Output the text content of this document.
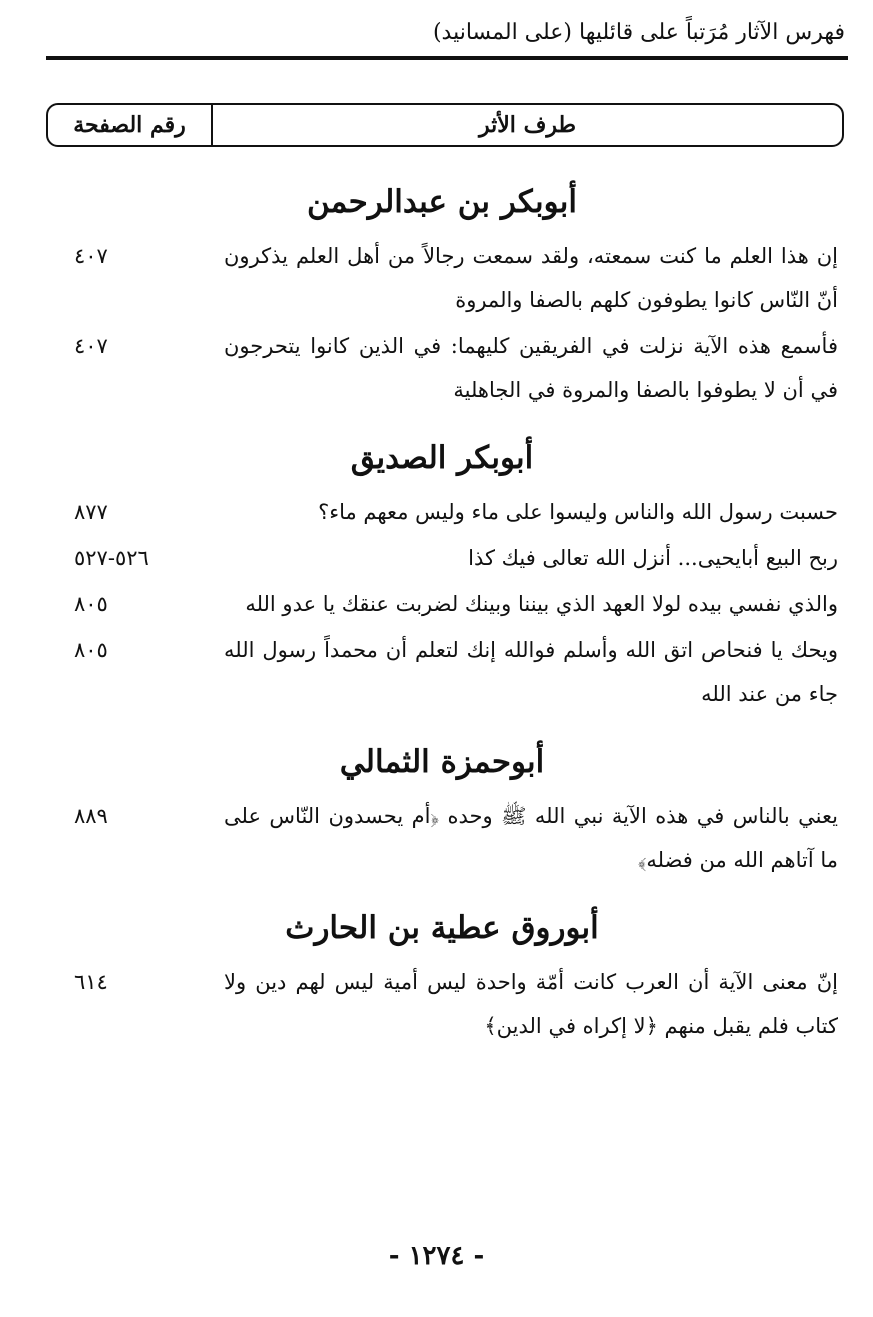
فهرس الآثار مُرَتباً على قائليها (على المسانيد)
طرف الأثر
رقم الصفحة
أبوبكر بن عبدالرحمن
إن هذا العلم ما كنت سمعته، ولقد سمعت رجالاً من أهل العلم يذكرون أنّ النّاس كانوا يطوفون كلهم بالصفا والمروة
٤٠٧
فأسمع هذه الآية نزلت في الفريقين كليهما: في الذين كانوا يتحرجون في أن لا يطوفوا بالصفا والمروة في الجاهلية
٤٠٧
أبوبكر الصديق
حسبت رسول الله والناس وليسوا على ماء وليس معهم ماء؟
٨٧٧
ربح البيع أبايحيى... أنزل الله تعالى فيك كذا
٥٢٦-٥٢٧
والذي نفسي بيده لولا العهد الذي بيننا وبينك لضربت عنقك يا عدو الله
٨٠٥
ويحك يا فنحاص اتق الله وأسلم فوالله إنك لتعلم أن محمداً رسول الله جاء من عند الله
٨٠٥
أبوحمزة الثمالي
يعني بالناس في هذه الآية نبي الله ﷺ وحده ﴿أم يحسدون النّاس على ما آتاهم الله من فضله﴾
٨٨٩
أبوروق عطية بن الحارث
إنّ معنى الآية أن العرب كانت أمّة واحدة ليس أمية ليس لهم دين ولا كتاب فلم يقبل منهم ﴿لا إكراه في الدين﴾
٦١٤
- ١٢٧٤ -
